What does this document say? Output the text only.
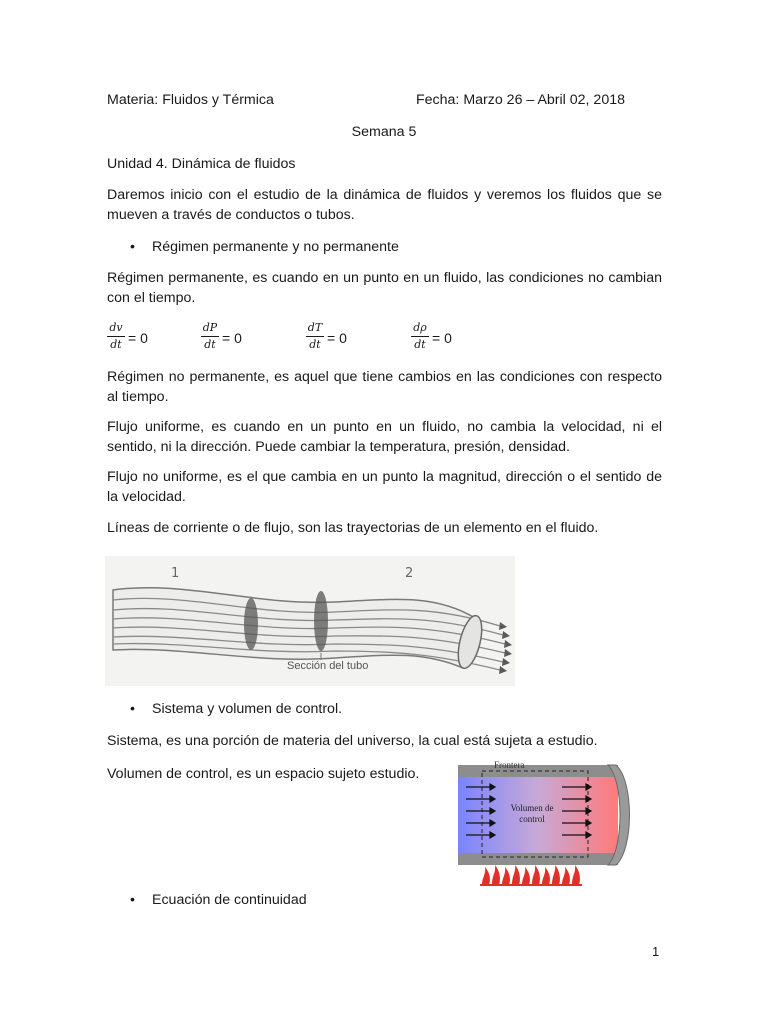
Materia: Fluidos y Térmica	Fecha: Marzo 26 – Abril 02, 2018
Semana 5
Unidad 4. Dinámica de fluidos
Daremos inicio con el estudio de la dinámica de fluidos y veremos los fluidos que se mueven a través de conductos o tubos.
• Régimen permanente y no permanente
Régimen permanente, es cuando en un punto en un fluido, las condiciones no cambian con el tiempo.
dv
dt = 0
dP
dt = 0
dT
dt = 0
dρ
dt = 0
Régimen no permanente, es aquel que tiene cambios en las condiciones con respecto al tiempo.
Flujo uniforme, es cuando en un punto en un fluido, no cambia la velocidad, ni el sentido, ni la dirección. Puede cambiar la temperatura, presión, densidad.
Flujo no uniforme, es el que cambia en un punto la magnitud, dirección o el sentido de la velocidad.
Líneas de corriente o de flujo, son las trayectorias de un elemento en el fluido.
1	2
Sección del tubo
• Sistema y volumen de control.
Sistema, es una porción de materia del universo, la cual está sujeta a estudio.
Volumen de control, es un espacio sujeto estudio.
Frontera
Volumen de
control
• Ecuación de continuidad
1
